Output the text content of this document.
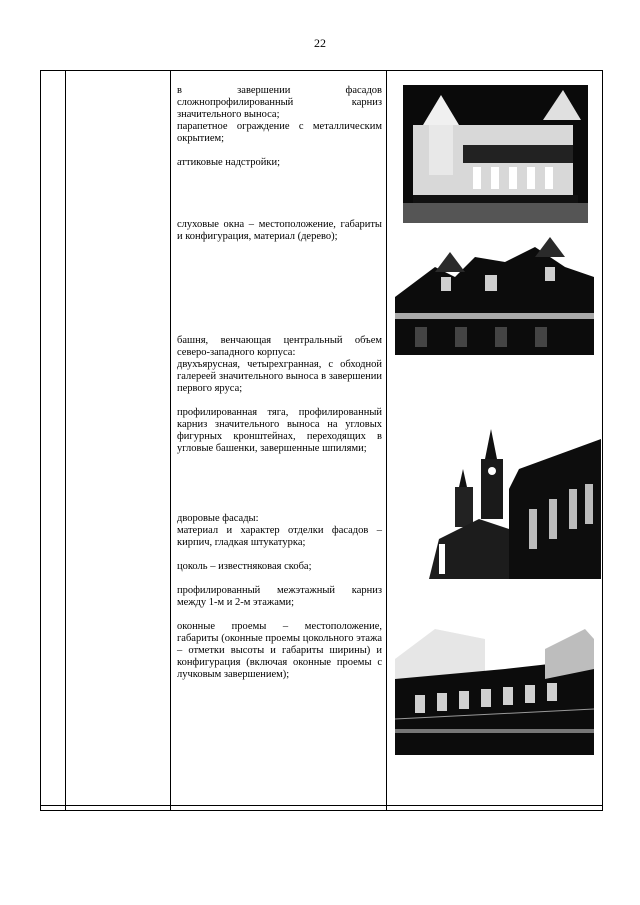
22

в завершении фасадов сложнопрофилированный карниз значительного выноса;

парапетное ограждение с металлическим окрытием;

аттиковые надстройки;

слуховые окна – местоположение, габариты и конфигурация, материал (дерево);

башня, венчающая центральный объем северо-западного корпуса:

двухъярусная, четырехгранная, с обходной галереей значительного выноса в завершении первого яруса;

профилированная тяга, профилированный карниз значительного выноса на угловых фигурных кронштейнах, переходящих в угловые башенки, завершенные шпилями;

дворовые фасады:

материал и характер отделки фасадов – кирпич, гладкая штукатурка;

цоколь – известняковая скоба;

профилированный межэтажный карниз между 1-м и 2-м этажами;

оконные проемы – местоположение, габариты (оконные проемы цокольного этажа – отметки высоты и габариты ширины) и конфигурация (включая оконные проемы с лучковым завершением);
